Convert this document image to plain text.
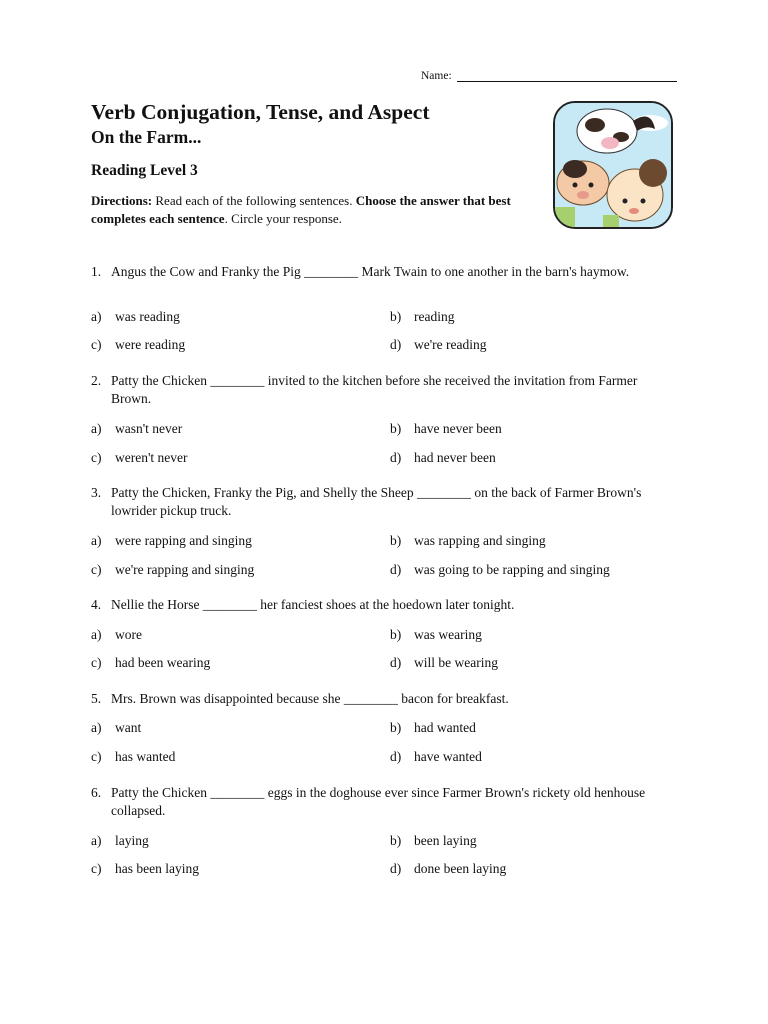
Name:
Verb Conjugation, Tense, and Aspect
On the Farm...
Reading Level 3

Directions: Read each of the following sentences. Choose the answer that best completes each sentence. Circle your response.

1. Angus the Cow and Franky the Pig ________ Mark Twain to one another in the barn's haymow.
a) was reading	b) reading
c) were reading	d) we're reading
2. Patty the Chicken ________ invited to the kitchen before she received the invitation from Farmer Brown.
a) wasn't never	b) have never been
c) weren't never	d) had never been
3. Patty the Chicken, Franky the Pig, and Shelly the Sheep ________ on the back of Farmer Brown's lowrider pickup truck.
a) were rapping and singing	b) was rapping and singing
c) we're rapping and singing	d) was going to be rapping and singing
4. Nellie the Horse ________ her fanciest shoes at the hoedown later tonight.
a) wore	b) was wearing
c) had been wearing	d) will be wearing
5. Mrs. Brown was disappointed because she ________ bacon for breakfast.
a) want	b) had wanted
c) has wanted	d) have wanted
6. Patty the Chicken ________ eggs in the doghouse ever since Farmer Brown's rickety old henhouse collapsed.
a) laying	b) been laying
c) has been laying	d) done been laying
